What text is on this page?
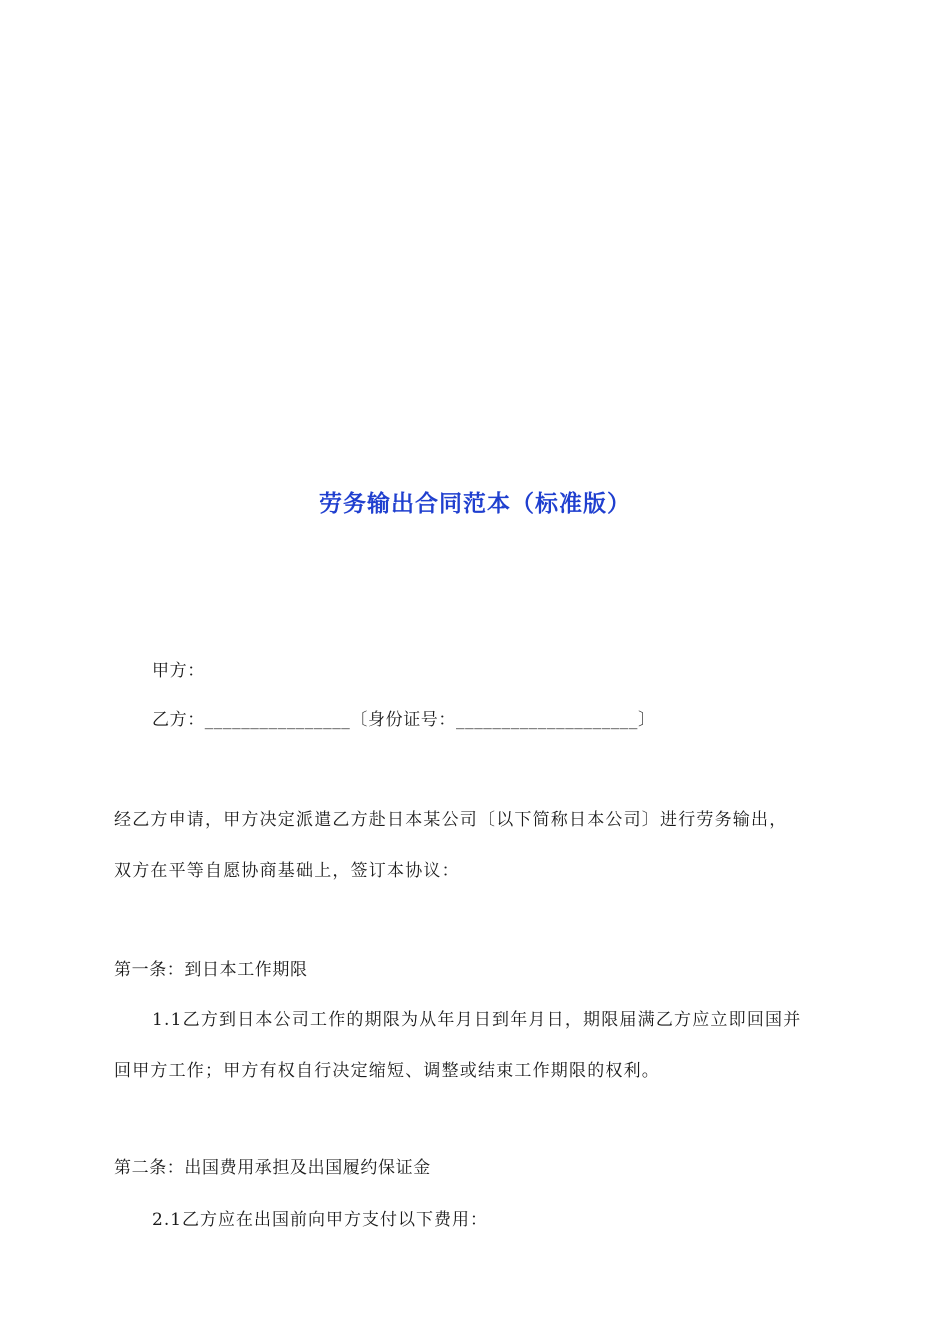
劳务输出合同范本（标准版）
甲方：
乙方：________________〔身份证号：____________________〕
经乙方申请，甲方决定派遣乙方赴日本某公司〔以下简称日本公司〕进行劳务输出，
双方在平等自愿协商基础上，签订本协议：
第一条：到日本工作期限
1.1乙方到日本公司工作的期限为从年月日到年月日，期限届满乙方应立即回国并
回甲方工作；甲方有权自行决定缩短、调整或结束工作期限的权利。
第二条：出国费用承担及出国履约保证金
2.1乙方应在出国前向甲方支付以下费用：
